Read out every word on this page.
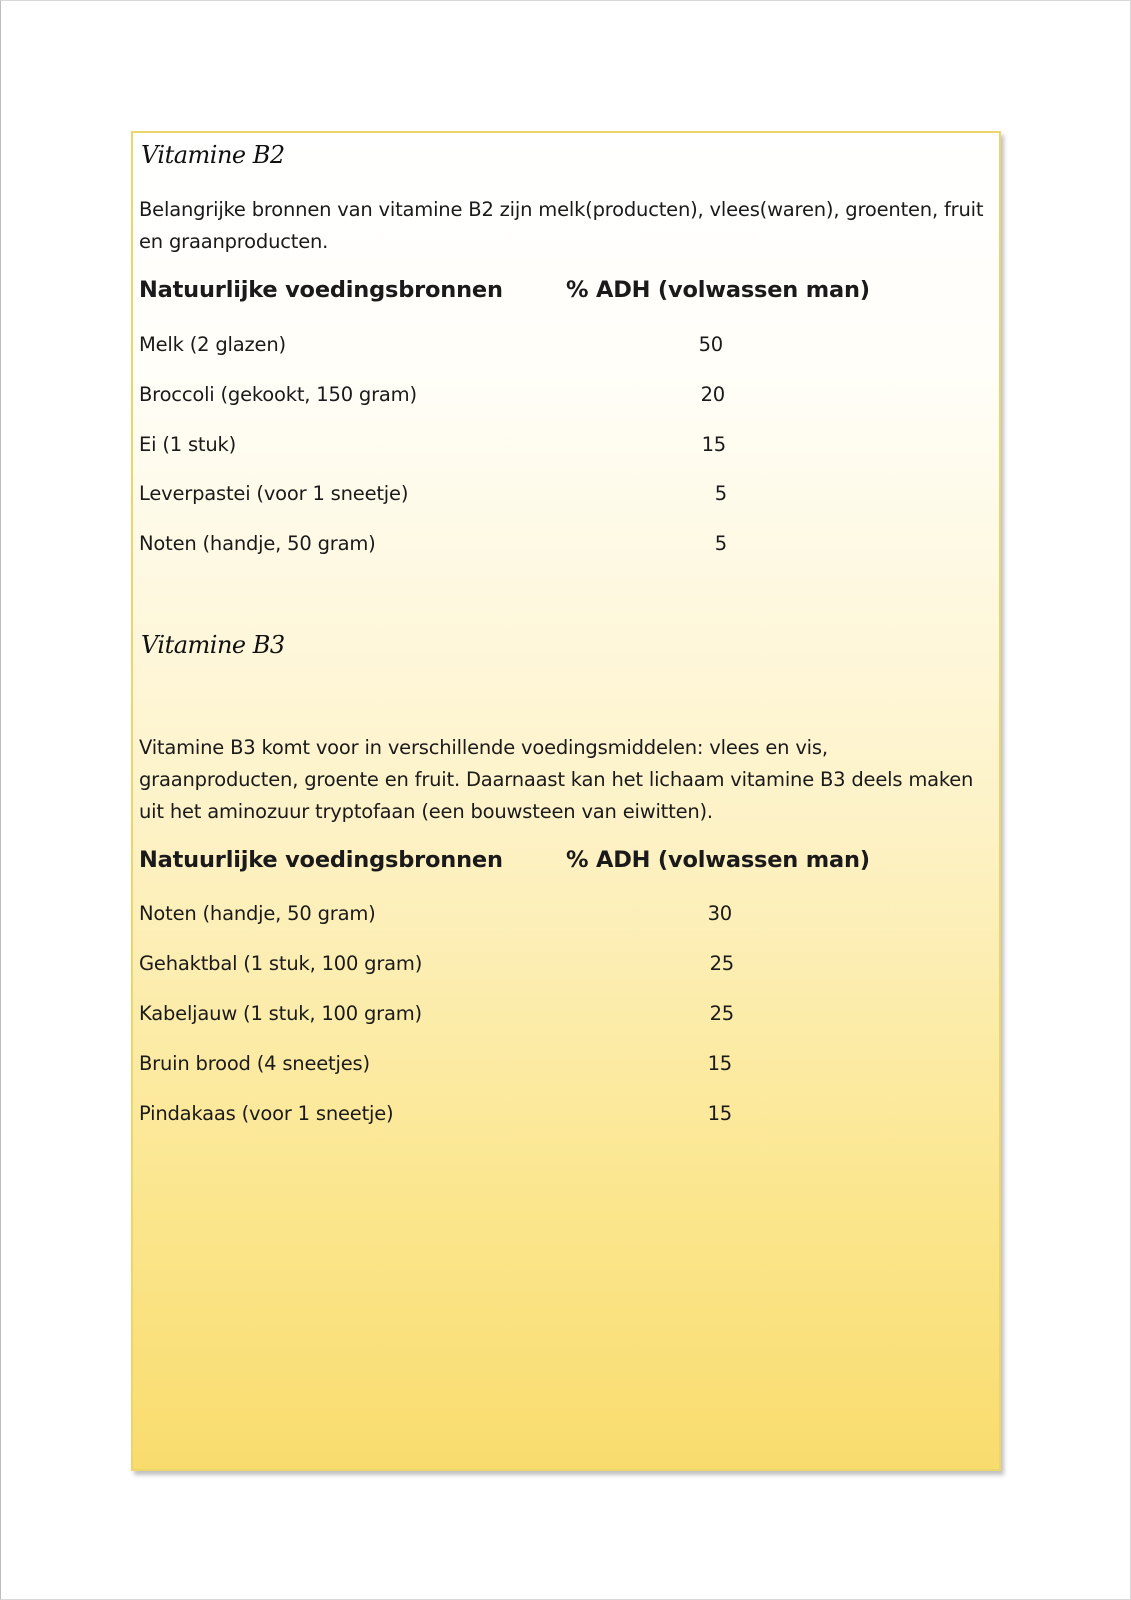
Vitamine B2

Belangrijke bronnen van vitamine B2 zijn melk(producten), vlees(waren), groenten, fruit en graanproducten.

Natuurlijke voedingsbronnen	% ADH (volwassen man)
Melk (2 glazen)	50
Broccoli (gekookt, 150 gram)	20
Ei (1 stuk)	15
Leverpastei (voor 1 sneetje)	5
Noten (handje, 50 gram)	5
Vitamine B3

Vitamine B3 komt voor in verschillende voedingsmiddelen: vlees en vis, graanproducten, groente en fruit. Daarnaast kan het lichaam vitamine B3 deels maken uit het aminozuur tryptofaan (een bouwsteen van eiwitten).

Natuurlijke voedingsbronnen	% ADH (volwassen man)
Noten (handje, 50 gram)	30
Gehaktbal (1 stuk, 100 gram)	25
Kabeljauw (1 stuk, 100 gram)	25
Bruin brood (4 sneetjes)	15
Pindakaas (voor 1 sneetje)	15
